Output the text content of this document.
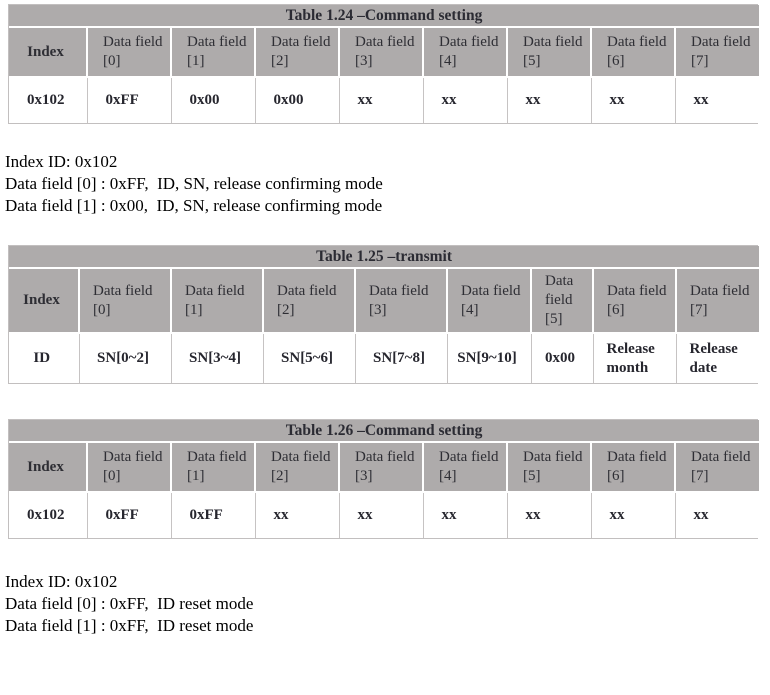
Table 1.24 –Command setting								
Index	Data field [0]	Data field [1]	Data field [2]	Data field [3]	Data field [4]	Data field [5]	Data field [6]	Data field [7]
0x102	0xFF	0x00	0x00	xx	xx	xx	xx	xx
Index ID: 0x102
Data field [0] : 0xFF,  ID, SN, release confirming mode
Data field [1] : 0x00,  ID, SN, release confirming mode
Table 1.25 –transmit								
Index	Data field [0]	Data field [1]	Data field [2]	Data field [3]	Data field [4]	Data field [5]	Data field [6]	Data field [7]
ID	SN[0~2]	SN[3~4]	SN[5~6]	SN[7~8]	SN[9~10]	0x00	Release month	Release date
Table 1.26 –Command setting								
Index	Data field [0]	Data field [1]	Data field [2]	Data field [3]	Data field [4]	Data field [5]	Data field [6]	Data field [7]
0x102	0xFF	0xFF	xx	xx	xx	xx	xx	xx
Index ID: 0x102
Data field [0] : 0xFF,  ID reset mode
Data field [1] : 0xFF,  ID reset mode
